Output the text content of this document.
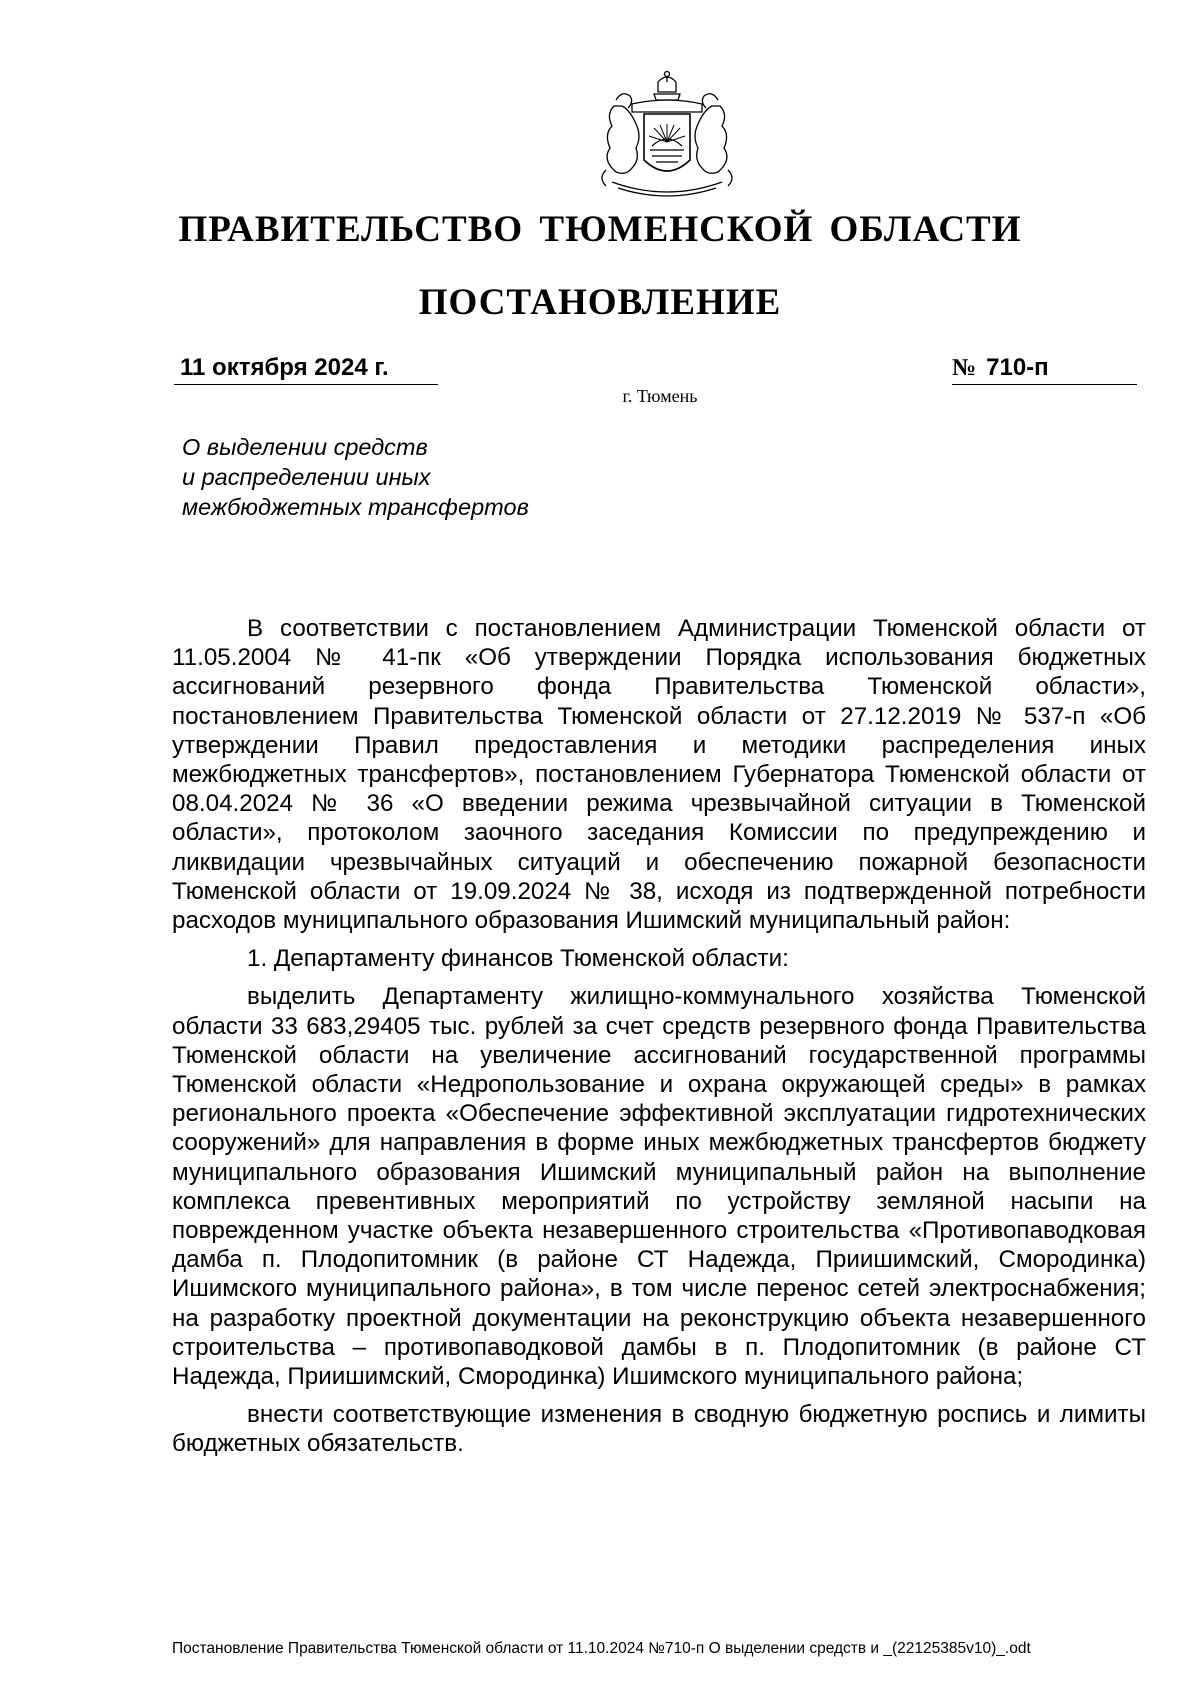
ПРАВИТЕЛЬСТВО ТЮМЕНСКОЙ ОБЛАСТИ
ПОСТАНОВЛЕНИЕ
11 октября 2024 г.	№ 710-п
г. Тюмень
О выделении средств
и распределении иных
межбюджетных трансфертов

В соответствии с постановлением Администрации Тюменской области от 11.05.2004 № 41-пк «Об утверждении Порядка использования бюджетных ассигнований резервного фонда Правительства Тюменской области», постановлением Правительства Тюменской области от 27.12.2019 № 537-п «Об утверждении Правил предоставления и методики распределения иных межбюджетных трансфертов», постановлением Губернатора Тюменской области от 08.04.2024 № 36 «О введении режима чрезвычайной ситуации в Тюменской области», протоколом заочного заседания Комиссии по предупреждению и ликвидации чрезвычайных ситуаций и обеспечению пожарной безопасности Тюменской области от 19.09.2024 № 38, исходя из подтвержденной потребности расходов муниципального образования Ишимский муниципальный район:

1. Департаменту финансов Тюменской области:

выделить Департаменту жилищно-коммунального хозяйства Тюменской области 33 683,29405 тыс. рублей за счет средств резервного фонда Правительства Тюменской области на увеличение ассигнований государственной программы Тюменской области «Недропользование и охрана окружающей среды» в рамках регионального проекта «Обеспечение эффективной эксплуатации гидротехнических сооружений» для направления в форме иных межбюджетных трансфертов бюджету муниципального образования Ишимский муниципальный район на выполнение комплекса превентивных мероприятий по устройству земляной насыпи на поврежденном участке объекта незавершенного строительства «Противопаводковая дамба п. Плодопитомник (в районе СТ Надежда, Приишимский, Смородинка) Ишимского муниципального района», в том числе перенос сетей электроснабжения; на разработку проектной документации на реконструкцию объекта незавершенного строительства – противопаводковой дамбы в п. Плодопитомник (в районе СТ Надежда, Приишимский, Смородинка) Ишимского муниципального района;

внести соответствующие изменения в сводную бюджетную роспись и лимиты бюджетных обязательств.

Постановление Правительства Тюменской области от 11.10.2024 №710-п О выделении средств и _(22125385v10)_.odt
